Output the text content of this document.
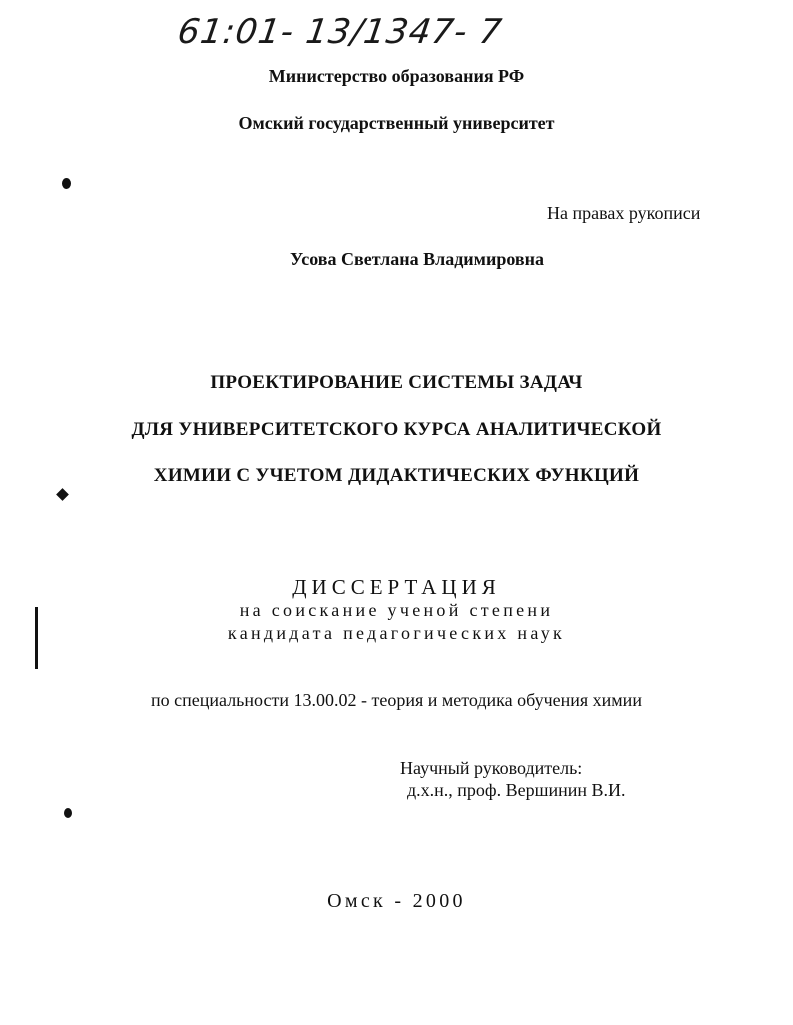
61:01- 13/1347- 7
Министерство образования РФ
Омский государственный университет
На правах рукописи
Усова Светлана Владимировна
ПРОЕКТИРОВАНИЕ СИСТЕМЫ ЗАДАЧ
ДЛЯ УНИВЕРСИТЕТСКОГО КУРСА АНАЛИТИЧЕСКОЙ
ХИМИИ С УЧЕТОМ ДИДАКТИЧЕСКИХ ФУНКЦИЙ
ДИССЕРТАЦИЯ
на соискание ученой степени
кандидата педагогических наук
по специальности 13.00.02 - теория и методика обучения химии
Научный руководитель:
д.х.н., проф. Вершинин В.И.
Омск - 2000
